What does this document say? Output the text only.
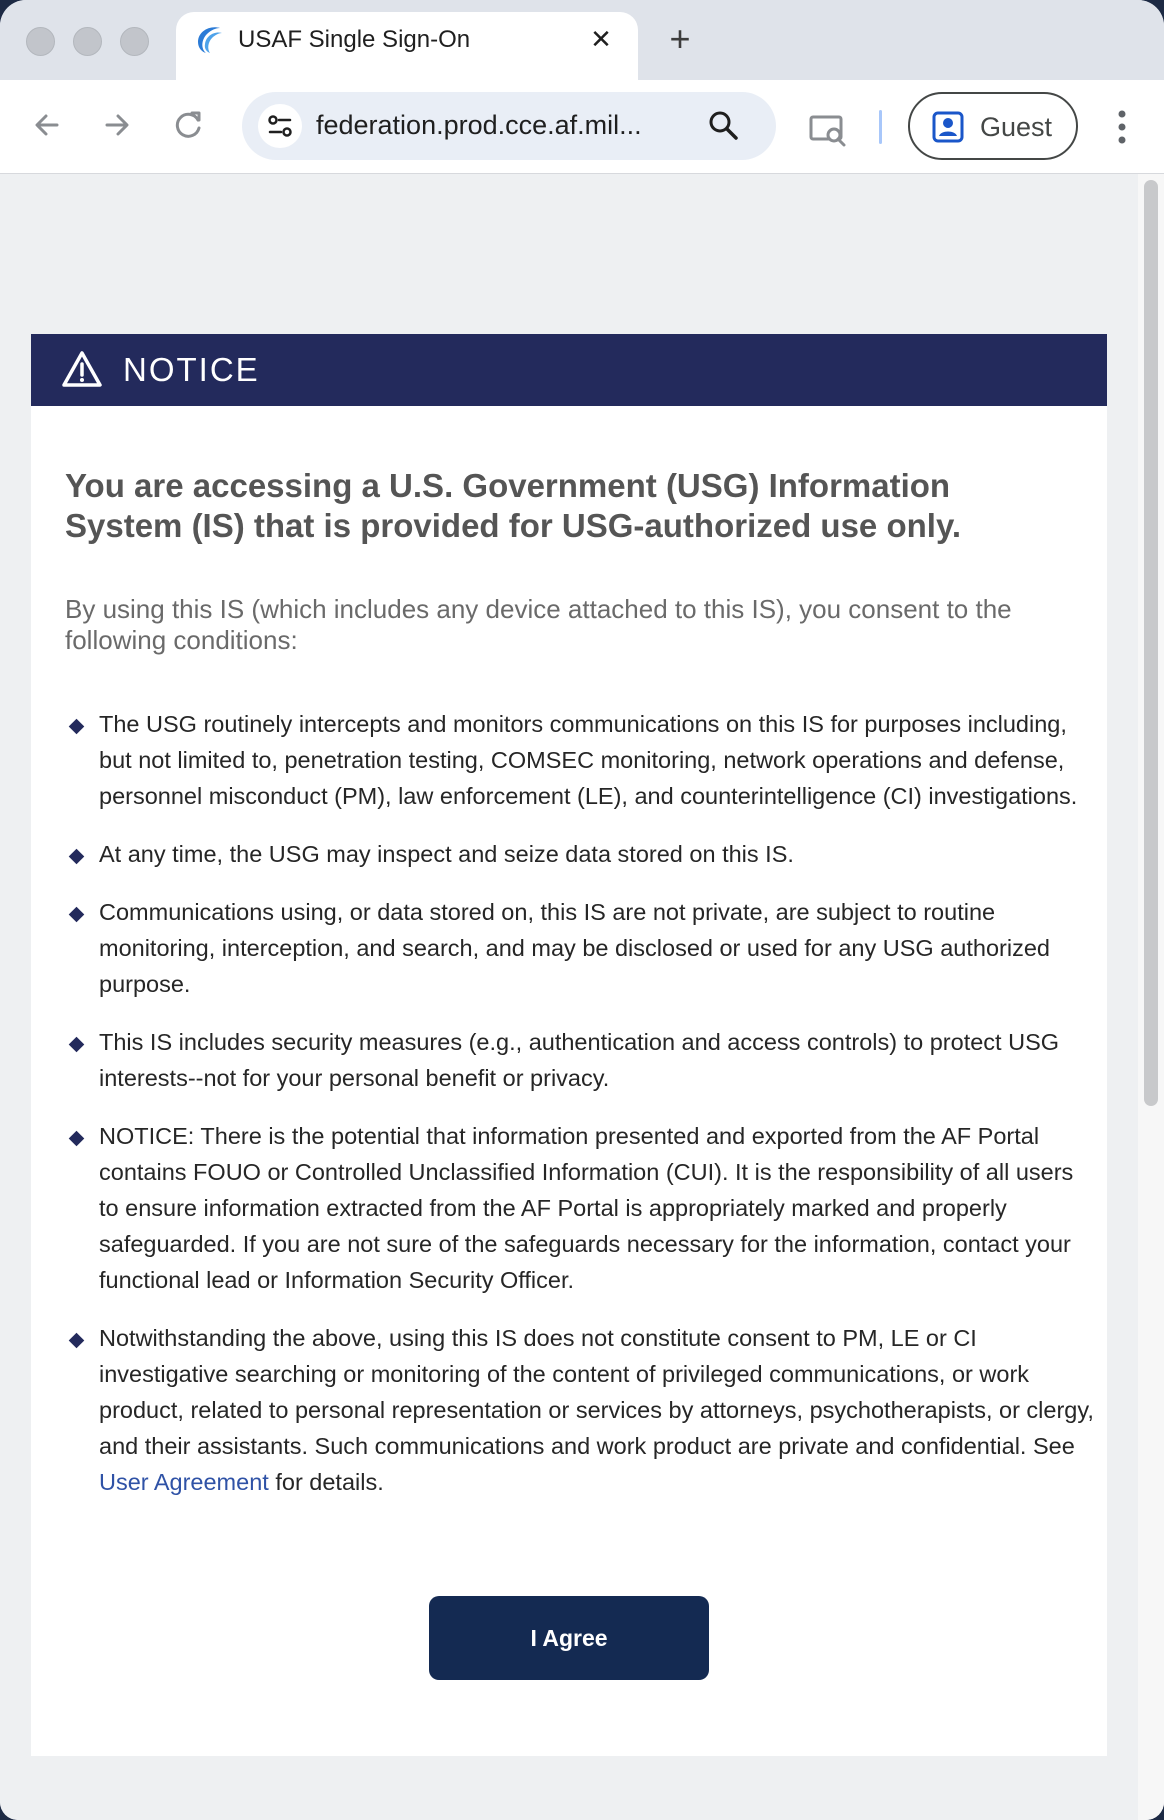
USAF Single Sign-On	✕ +
federation.prod.cce.af.mil...	Guest
NOTICE

You are accessing a U.S. Government (USG) Information System (IS) that is provided for USG-authorized use only.

By using this IS (which includes any device attached to this IS), you consent to the following conditions:

The USG routinely intercepts and monitors communications on this IS for purposes including, but not limited to, penetration testing, COMSEC monitoring, network operations and defense, personnel misconduct (PM), law enforcement (LE), and counterintelligence (CI) investigations.
At any time, the USG may inspect and seize data stored on this IS.
Communications using, or data stored on, this IS are not private, are subject to routine monitoring, interception, and search, and may be disclosed or used for any USG authorized purpose.
This IS includes security measures (e.g., authentication and access controls) to protect USG interests--not for your personal benefit or privacy.
NOTICE: There is the potential that information presented and exported from the AF Portal contains FOUO or Controlled Unclassified Information (CUI). It is the responsibility of all users to ensure information extracted from the AF Portal is appropriately marked and properly safeguarded. If you are not sure of the safeguards necessary for the information, contact your functional lead or Information Security Officer.
Notwithstanding the above, using this IS does not constitute consent to PM, LE or CI investigative searching or monitoring of the content of privileged communications, or work product, related to personal representation or services by attorneys, psychotherapists, or clergy, and their assistants. Such communications and work product are private and confidential. See User Agreement for details.
I Agree
